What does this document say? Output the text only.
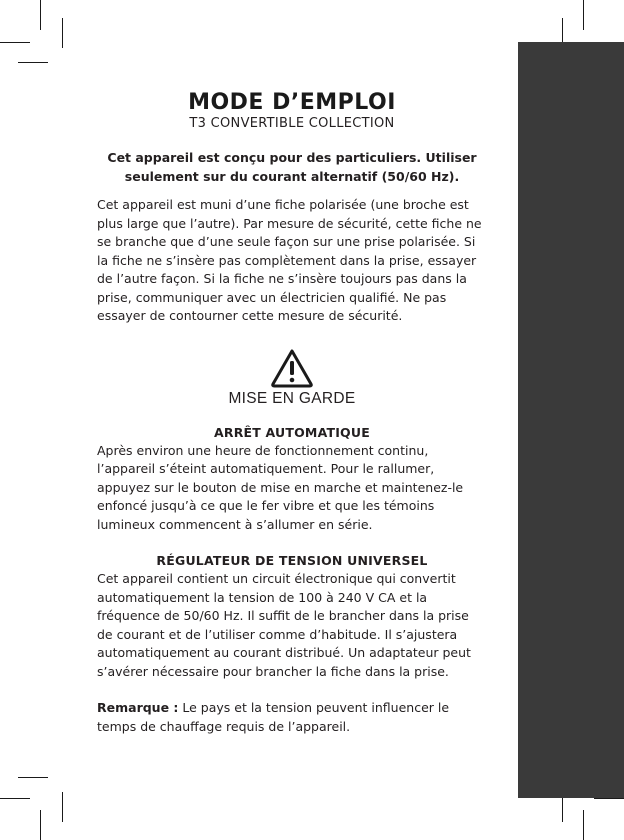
MODE D’EMPLOI

T3 CONVERTIBLE COLLECTION

Cet appareil est conçu pour des particuliers. Utiliser seulement sur du courant alternatif (50/60 Hz).

Cet appareil est muni d’une fiche polarisée (une broche est plus large que l’autre). Par mesure de sécurité, cette fiche ne se branche que d’une seule façon sur une prise polarisée. Si la fiche ne s’insère pas complètement dans la prise, essayer de l’autre façon. Si la fiche ne s’insère toujours pas dans la prise, communiquer avec un électricien qualifié. Ne pas essayer de contourner cette mesure de sécurité.

MISE EN GARDE

ARRÊT AUTOMATIQUE

Après environ une heure de fonctionnement continu, l’appareil s’éteint automatiquement. Pour le rallumer, appuyez sur le bouton de mise en marche et maintenez-le enfoncé jusqu’à ce que le fer vibre et que les témoins lumineux commencent à s’allumer en série.

RÉGULATEUR DE TENSION UNIVERSEL

Cet appareil contient un circuit électronique qui convertit automatiquement la tension de 100 à 240 V CA et la fréquence de 50/60 Hz. Il suffit de le brancher dans la prise de courant et de l’utiliser comme d’habitude. Il s’ajustera automatiquement au courant distribué. Un adaptateur peut s’avérer nécessaire pour brancher la fiche dans la prise.

Remarque : Le pays et la tension peuvent influencer le temps de chauffage requis de l’appareil.
